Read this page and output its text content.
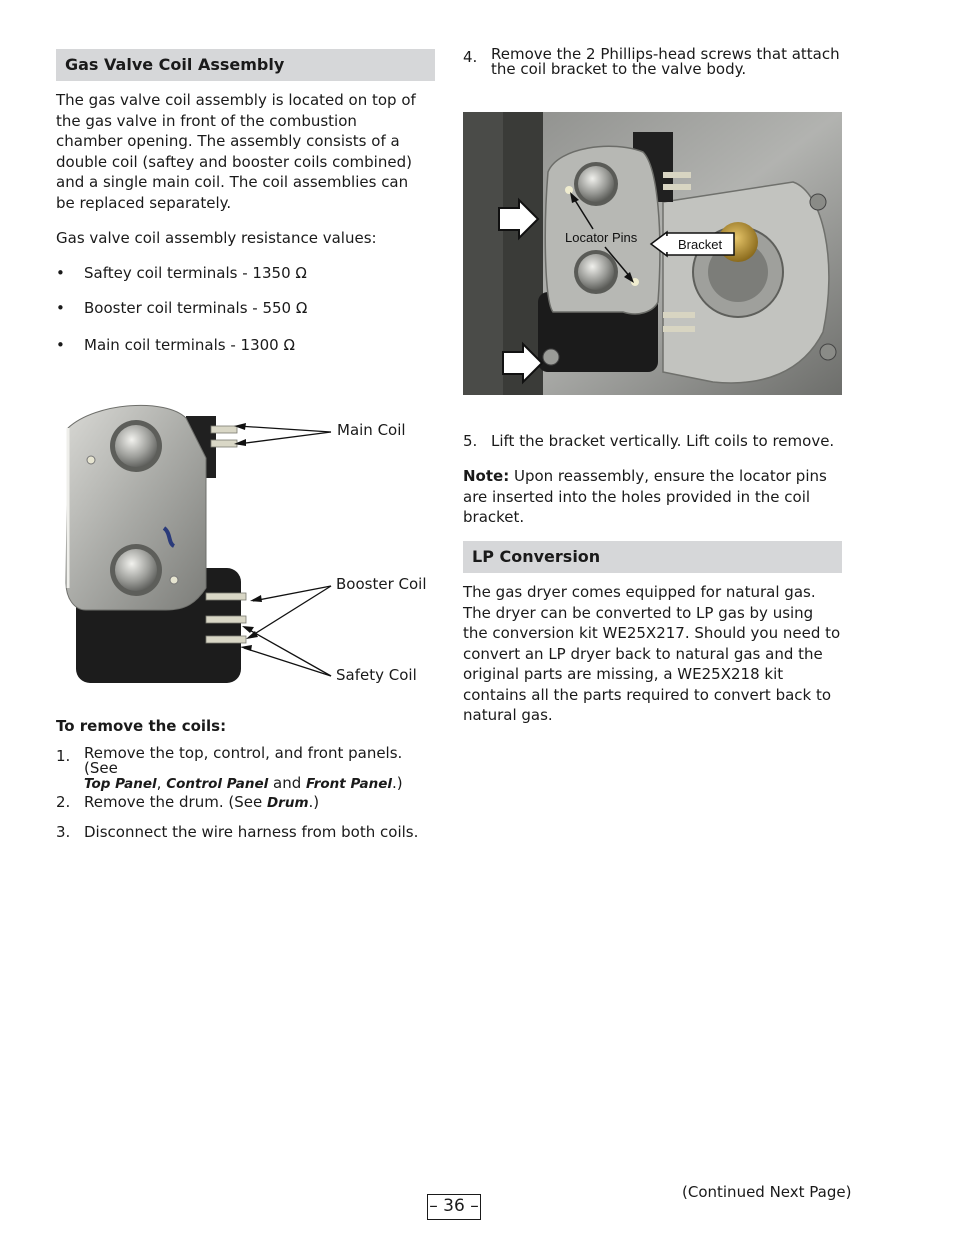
Gas Valve Coil Assembly

The gas valve coil assembly is located on top of the gas valve in front of the combustion chamber opening. The assembly consists of a double coil (saftey and booster coils combined) and a single main coil. The coil assemblies can be replaced separately.

Gas valve coil assembly resistance values:

• Saftey coil terminals - 1350 Ω
• Booster coil terminals - 550 Ω
• Main coil terminals - 1300 Ω
Main Coil
Booster Coil
Safety Coil
To remove the coils:
1. Remove the top, control, and front panels. (See
Top Panel, Control Panel and Front Panel.)
2. Remove the drum. (See Drum.)
3. Disconnect the wire harness from both coils.
4. Remove the 2 Phillips-head screws that attach the coil bracket to the valve body.
Locator Pins	Bracket
5. Lift the bracket vertically. Lift coils to remove.

Note: Upon reassembly, ensure the locator pins are inserted into the holes provided in the coil bracket.

LP Conversion

The gas dryer comes equipped for natural gas. The dryer can be converted to LP gas by using the conversion kit WE25X217. Should you need to convert an LP dryer back to natural gas and the original parts are missing, a WE25X218 kit contains all the parts required to convert back to natural gas.

(Continued Next Page)
– 36 –
